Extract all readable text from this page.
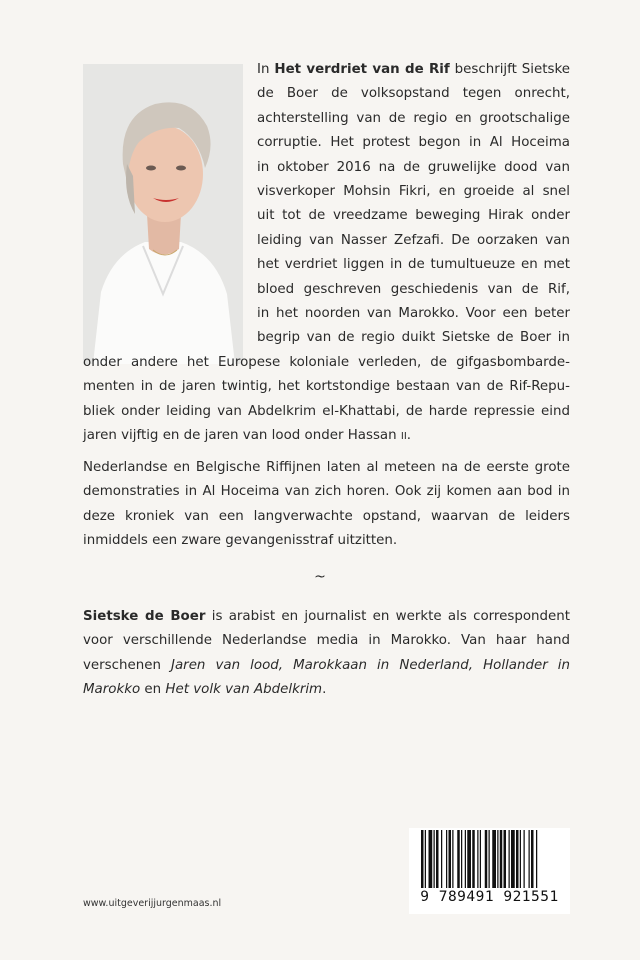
In Het verdriet van de Rif beschrijft Sietske
de Boer de volksopstand tegen onrecht,
achterstelling van de regio en grootschalige
corruptie. Het protest begon in Al Hoceima
in oktober 2016 na de gruwelijke dood van
visverkoper Mohsin Fikri, en groeide al snel
uit tot de vreedzame beweging Hirak onder
leiding van Nasser Zefzafi. De oorzaken van
het verdriet liggen in de tumultueuze en met
bloed geschreven geschiedenis van de Rif,
in het noorden van Marokko. Voor een beter
begrip van de regio duikt Sietske de Boer in
onder andere het Europese koloniale verleden, de gifgasbombarde-
menten in de jaren twintig, het kortstondige bestaan van de Rif-Repu-
bliek onder leiding van Abdelkrim el-Khattabi, de harde repressie eind
jaren vijftig en de jaren van lood onder Hassan II.

Nederlandse en Belgische Riffijnen laten al meteen na de eerste grote demonstraties in Al Hoceima van zich horen. Ook zij komen aan bod in deze kroniek van een langverwachte opstand, waarvan de leiders inmiddels een zware gevangenisstraf uitzitten.

~

Sietske de Boer is arabist en journalist en werkte als correspondent voor verschillende Nederlandse media in Marokko. Van haar hand verschenen Jaren van lood, Marokkaan in Nederland, Hollander in Marokko en Het volk van Abdelkrim.

www.uitgeverijjurgenmaas.nl	9 789491 921551
